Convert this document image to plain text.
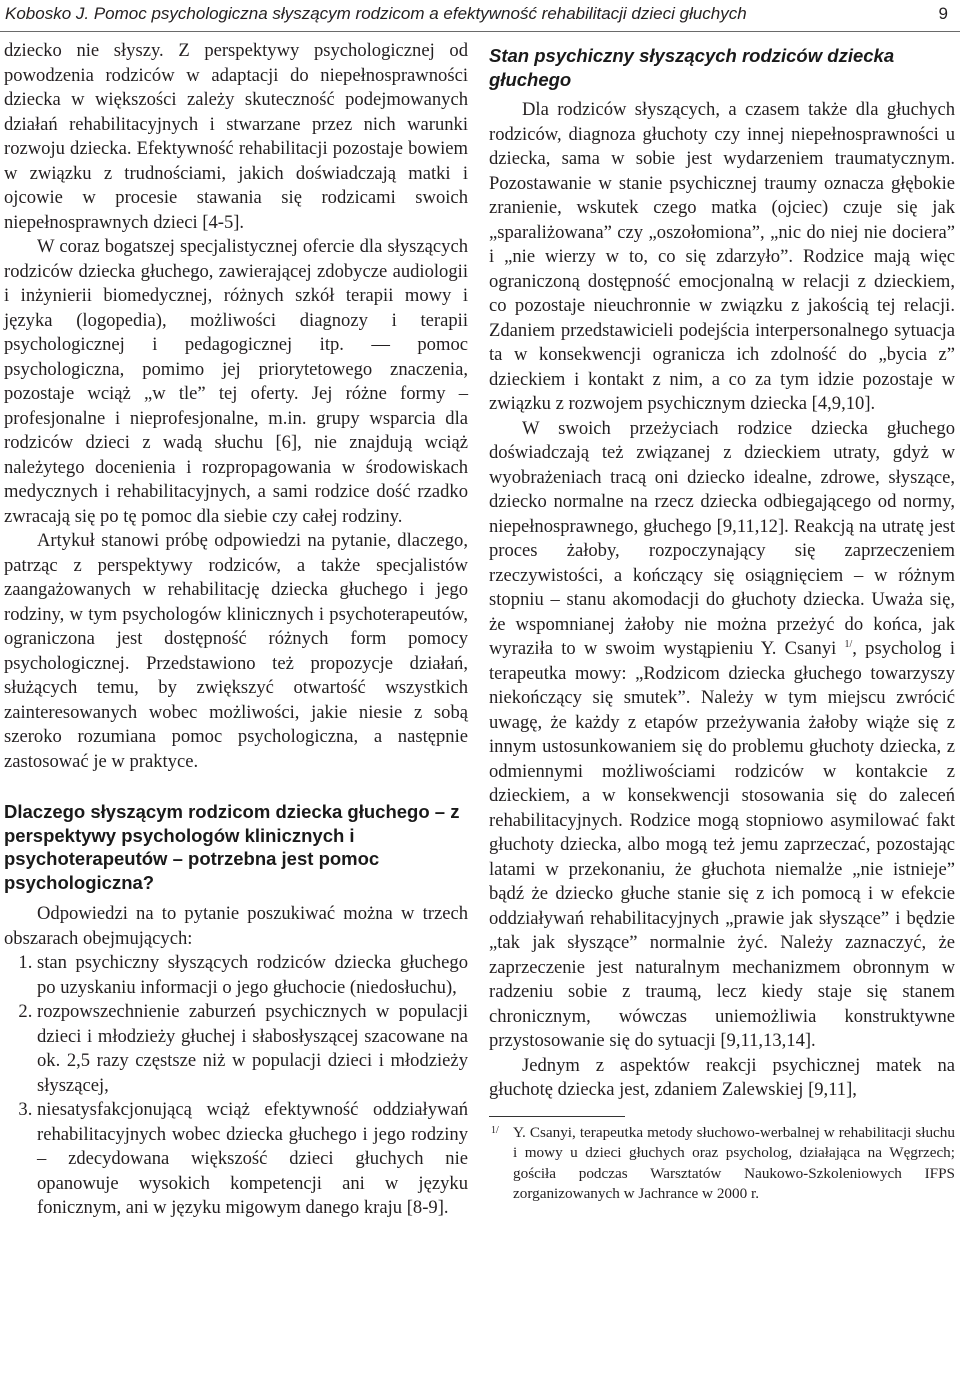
Kobosko J. Pomoc psychologiczna słyszącym rodzicom a efektywność rehabilitacji dzieci głuchych	9

dziecko nie słyszy. Z perspektywy psychologicznej od powodzenia rodziców w adaptacji do niepełnosprawności dziecka w większości zależy skuteczność podejmowanych działań rehabilitacyjnych i stwarzane przez nich warunki rozwoju dziecka. Efektywność rehabilitacji pozostaje bowiem w związku z trudnościami, jakich doświadczają matki i ojcowie w procesie stawania się rodzicami swoich niepełnosprawnych dzieci [4-5].

W coraz bogatszej specjalistycznej ofercie dla słyszących rodziców dziecka głuchego, zawierającej zdobycze audiologii i inżynierii biomedycznej, różnych szkół terapii mowy i języka (logopedia), możliwości diagnozy i terapii psychologicznej i pedagogicznej itp. — pomoc psychologiczna, pomimo jej priorytetowego znaczenia, pozostaje wciąż „w tle” tej oferty. Jej różne formy – profesjonalne i nieprofesjonalne, m.in. grupy wsparcia dla rodziców dzieci z wadą słuchu [6], nie znajdują wciąż należytego docenienia i rozpropagowania w środowiskach medycznych i rehabilitacyjnych, a sami rodzice dość rzadko zwracają się po tę pomoc dla siebie czy całej rodziny.

Artykuł stanowi próbę odpowiedzi na pytanie, dlaczego, patrząc z perspektywy rodziców, a także specjalistów zaangażowanych w rehabilitację dziecka głuchego i jego rodziny, w tym psychologów klinicznych i psychoterapeutów, ograniczona jest dostępność różnych form pomocy psychologicznej. Przedstawiono też propozycje działań, służących temu, by zwiększyć otwartość wszystkich zainteresowanych wobec możliwości, jakie niesie z sobą szeroko rozumiana pomoc psychologiczna, a następnie zastosować je w praktyce.

Dlaczego słyszącym rodzicom dziecka głuchego – z perspektywy psychologów klinicznych i psychoterapeutów – potrzebna jest pomoc psychologiczna?

Odpowiedzi na to pytanie poszukiwać można w trzech obszarach obejmujących:

1. stan psychiczny słyszących rodziców dziecka głuchego po uzyskaniu informacji o jego głuchocie (niedosłuchu),
2. rozpowszechnienie zaburzeń psychicznych w populacji dzieci i młodzieży głuchej i słabosłyszącej szacowane na ok. 2,5 razy częstsze niż w populacji dzieci i młodzieży słyszącej,
3. niesatysfakcjonującą wciąż efektywność oddziaływań rehabilitacyjnych wobec dziecka głuchego i jego rodziny – zdecydowana większość dzieci głuchych nie opanowuje wysokich kompetencji ani w języku fonicznym, ani w języku migowym danego kraju [8-9].
Stan psychiczny słyszących rodziców dziecka głuchego

Dla rodziców słyszących, a czasem także dla głuchych rodziców, diagnoza głuchoty czy innej niepełnosprawności u dziecka, sama w sobie jest wydarzeniem traumatycznym. Pozostawanie w stanie psychicznej traumy oznacza głębokie zranienie, wskutek czego matka (ojciec) czuje się jak „sparaliżowana” czy „oszołomiona”, „nic do niej nie dociera” i „nie wierzy w to, co się zdarzyło”. Rodzice mają więc ograniczoną dostępność emocjonalną w relacji z dzieckiem, co pozostaje nieuchronnie w związku z jakością tej relacji. Zdaniem przedstawicieli podejścia interpersonalnego sytuacja ta w konsekwencji ogranicza ich zdolność do „bycia z” dzieckiem i kontakt z nim, a co za tym idzie pozostaje w związku z rozwojem psychicznym dziecka [4,9,10].

W swoich przeżyciach rodzice dziecka głuchego doświadczają też związanej z dzieckiem utraty, gdyż w wyobrażeniach tracą oni dziecko idealne, zdrowe, słyszące, dziecko normalne na rzecz dziecka odbiegającego od normy, niepełnosprawnego, głuchego [9,11,12]. Reakcją na utratę jest proces żałoby, rozpoczynający się zaprzeczeniem rzeczywistości, a kończący się osiągnięciem – w różnym stopniu – stanu akomodacji do głuchoty dziecka. Uważa się, że wspomnianej żałoby nie można przeżyć do końca, jak wyraziła to w swoim wystąpieniu Y. Csanyi $^{1/}$, psycholog i terapeutka mowy: „Rodzicom dziecka głuchego towarzyszy niekończący się smutek”. Należy w tym miejscu zwrócić uwagę, że każdy z etapów przeżywania żałoby wiąże się z innym ustosunkowaniem się do problemu głuchoty dziecka, z odmiennymi możliwościami rodziców w kontakcie z dzieckiem, a w konsekwencji stosowania się do zaleceń rehabilitacyjnych. Rodzice mogą stopniowo asymilować fakt głuchoty dziecka, albo mogą też jemu zaprzeczać, pozostając latami w przekonaniu, że głuchota niemalże „nie istnieje” bądź że dziecko głuche stanie się z ich pomocą i w efekcie oddziaływań rehabilitacyjnych „prawie jak słyszące” i będzie „tak jak słyszące” normalnie żyć. Należy zaznaczyć, że zaprzeczenie jest naturalnym mechanizmem obronnym w radzeniu sobie z traumą, lecz kiedy staje się stanem chronicznym, wówczas uniemożliwia konstruktywne przystosowanie się do sytuacji [9,11,13,14].

Jednym z aspektów reakcji psychicznej matek na głuchotę dziecka jest, zdaniem Zalewskiej [9,11],

1/ Y. Csanyi, terapeutka metody słuchowo-werbalnej w rehabilitacji słuchu i mowy u dzieci głuchych oraz psycholog, działająca na Węgrzech; gościła podczas Warsztatów Naukowo-Szkoleniowych IFPS zorganizowanych w Jachrance w 2000 r.
